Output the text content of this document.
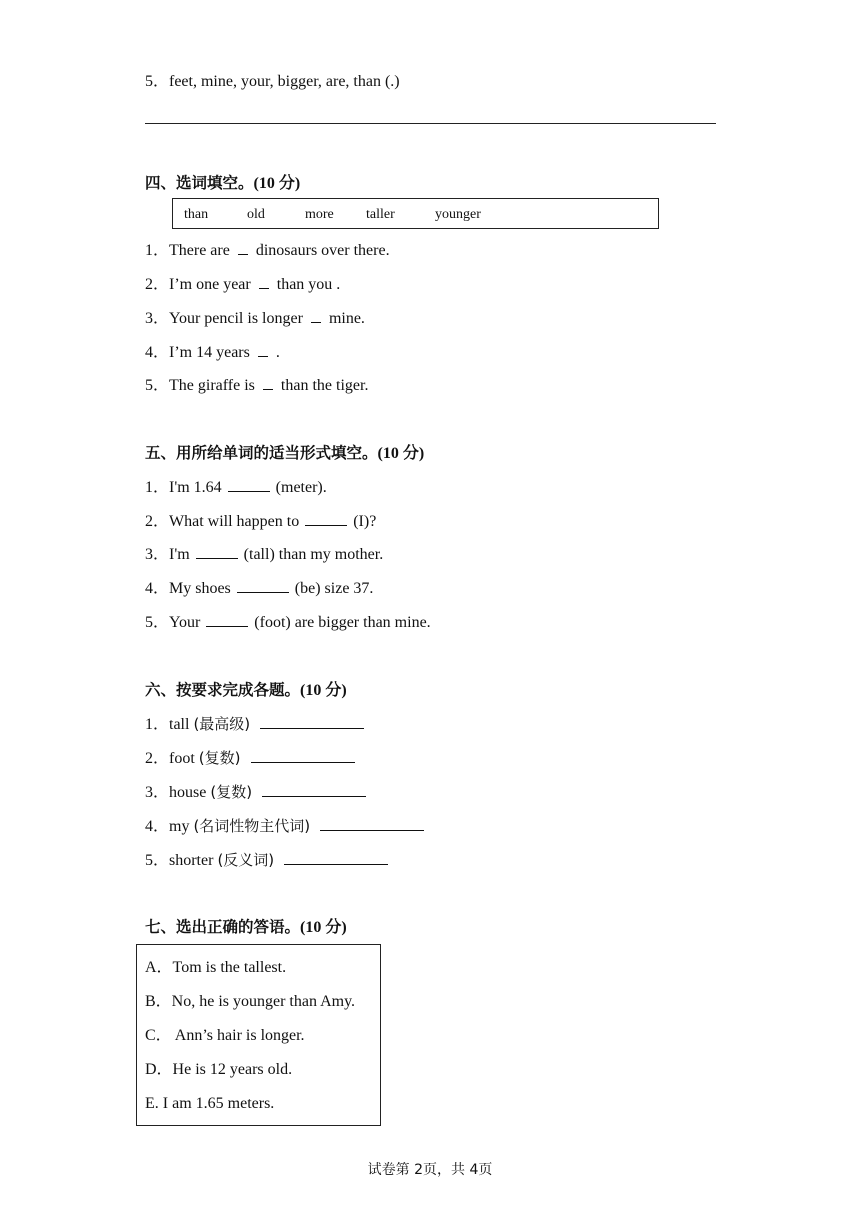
5．feet, mine, your, bigger, are, than (.)
四、选词填空。(10 分)
than	old	more taller	younger
1．There are dinosaurs over there.
2．I’m one year than you .
3．Your pencil is longer mine.
4．I’m 14 years .
5．The giraffe is than the tiger.
五、用所给单词的适当形式填空。(10 分)
1．I'm 1.64	(meter).
2．What will happen to	(I)?
3．I'm	(tall) than my mother.
4．My shoes	(be) size 37.
5．Your	(foot) are bigger than mine.
六、按要求完成各题。(10 分)
1．tall (最高级)
2．foot (复数)
3．house (复数)
4．my (名词性物主代词)
5．shorter (反义词)
七、选出正确的答语。(10 分)
A．Tom is the tallest.
B．No, he is younger than Amy.
C． Ann’s hair is longer.
D．He is 12 years old.
E. I am 1.65 meters.
试卷第 2页，共 4页
